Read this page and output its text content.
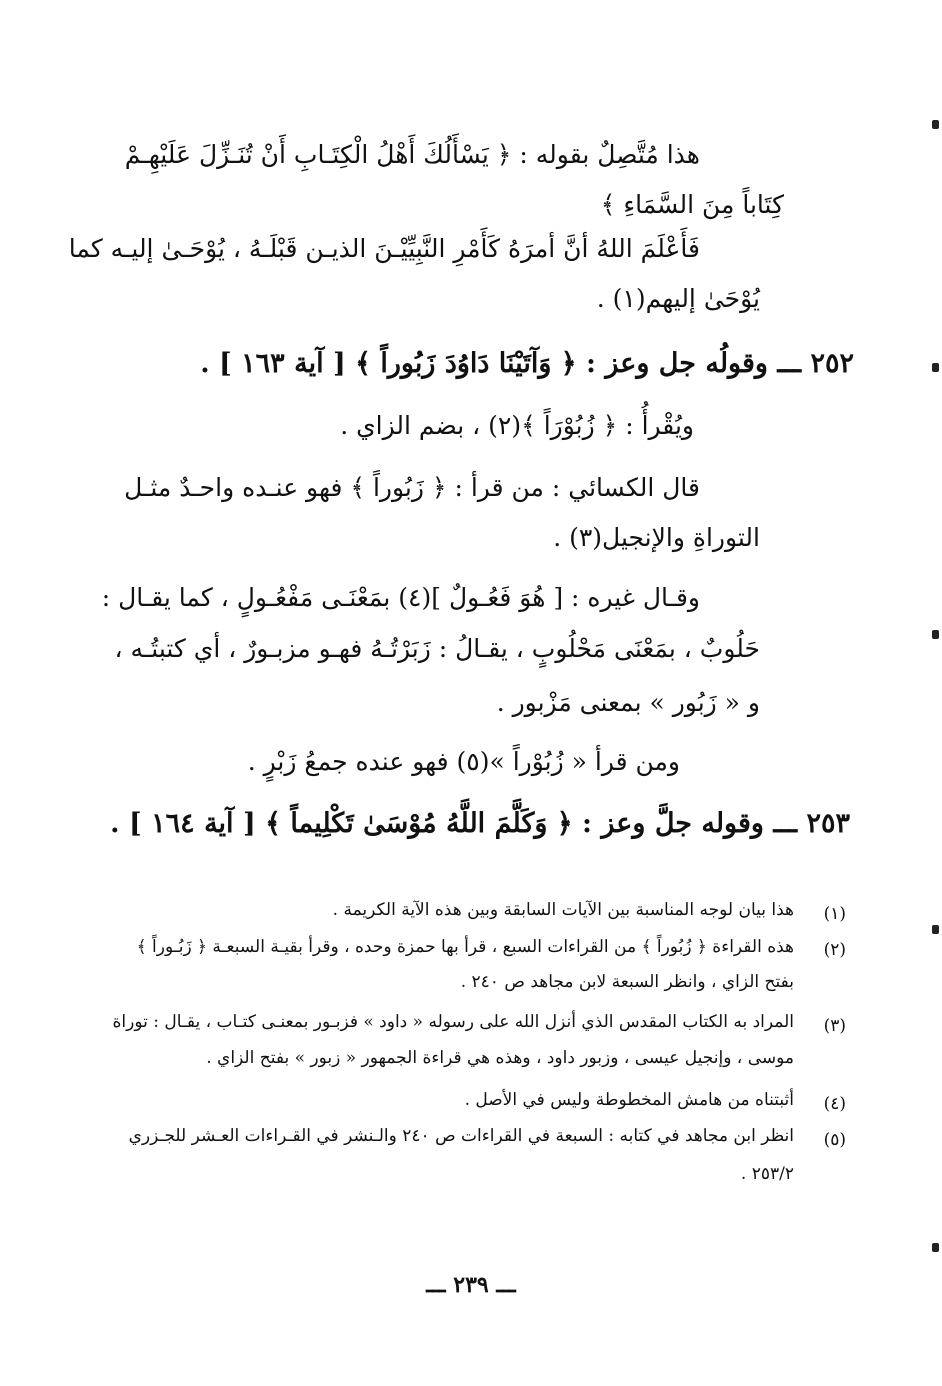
هذا مُتَّصِلٌ بقوله : ﴿ يَسْأَلُكَ أَهْلُ الْكِتَـابِ أَنْ تُنَـزِّلَ عَلَيْهِـمْ
كِتَاباً مِنَ السَّمَاءِ ﴾
فَأَعْلَمَ اللهُ أنَّ أمرَهُ كَأَمْرِ النَّبِيِّيْـنَ الذيـن قَبْلَـهُ ، يُوْحَـىٰ إليـه كما
يُوْحَىٰ إليهم(١) .
٢٥٢ ـــ وقولُه جل وعز : ﴿ وَآتَيْنَا دَاوُدَ زَبُوراً ﴾ [ آية ١٦٣ ] .
ويُقْرأُ : ﴿ زُبُوْرَاً ﴾(٢) ، بضم الزاي .
قال الكسائي : من قرأ : ﴿ زَبُوراً ﴾ فهو عنـده واحـدٌ مثـل
التوراةِ والإنجيل(٣) .
وقـال غيره : [ هُوَ فَعُـولٌ ](٤) بمَعْنَـى مَفْعُـولٍ ، كما يقـال :
حَلُوبٌ ، بمَعْنَى مَحْلُوبٍ ، يقـالُ : زَبَرْتُـهُ فهـو مزبـورٌ ، أي كتبتُـه ،
و « زَبُور » بمعنى مَزْبور .
ومن قرأ « زُبُوْراً »(٥) فهو عنده جمعُ زَبْرٍ .
٢٥٣ ـــ وقوله جلَّ وعز : ﴿ وَكَلَّمَ اللَّهُ مُوْسَىٰ تَكْلِيماً ﴾ [ آية ١٦٤ ] .
(١)
هذا بيان لوجه المناسبة بين الآيات السابقة وبين هذه الآية الكريمة .
(٢)
هذه القراءة ﴿ زُبُوراً ﴾ من القراءات السبع ، قرأ بها حمزة وحده ، وقرأ بقيـة السبعـة ﴿ زَبُـوراً ﴾
بفتح الزاي ، وانظر السبعة لابن مجاهد ص ٢٤٠ .
(٣)
المراد به الكتاب المقدس الذي أنزل الله على رسوله « داود » فزبـور بمعنـى كتـاب ، يقـال : توراة
موسى ، وإنجيل عيسى ، وزبور داود ، وهذه هي قراءة الجمهور « زبور » بفتح الزاي .
(٤)
أثبتناه من هامش المخطوطة وليس في الأصل .
(٥)
انظر ابن مجاهد في كتابه : السبعة في القراءات ص ٢٤٠ والـنشر في القـراءات العـشر للجـزري
٢٥٣/٢ .
ـــ ٢٣٩ ـــ
